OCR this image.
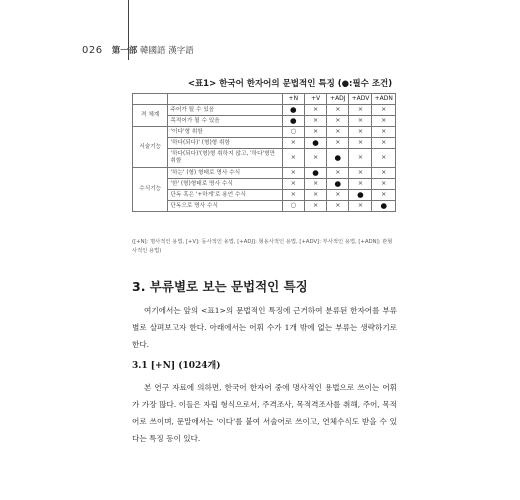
026 第一部 韓國語 漢字語
<표1> 한국어 한자어의 문법적인 특징 (●:필수 조건)
		+N	+V	+ADJ	+ADV	+ADN
격 체계	주어가 될 수 있음	●	×	×	×	×
	목적어가 될 수 있음	●	×	×	×	×
서술기능	'이다'형 취함	○	×	×	×	×
	'하다(되다)' (형)형 취함	×	●	×	×	×
	'하다(되다)'(형)형 취하지 않고, '하다'형만 취함	×	×	●	×	×
수식기능	'하는' (형) 형태로 명사 수식	×	●	×	×	×
	'한' (형)형태로 명사 수식	×	×	●	×	×
	단독 혹은 '+하게'로 용언 수식	×	×	×	●	×
	단독으로 명사 수식	○	×	×	×	●
([+N]: 명사적인 용법, [+V]: 동사적인 용법, [+ADJ]: 형용사적인 용법, [+ADV]: 부사적인 용법, [+ADN]: 관형사적인 용법)
3. 부류별로 보는 문법적인 특징
여기에서는 앞의 <표1>의 문법적인 특징에 근거하여 분류된 한자어를 부류별로 살펴보고자 한다. 아래에서는 어휘 수가 1개 밖에 없는 부류는 생략하기로 한다.
3.1 [+N] (1024개)
본 연구 자료에 의하면, 한국어 한자어 중에 명사적인 용법으로 쓰이는 어휘가 가장 많다. 이들은 자립 형식으로서, 주격조사, 목적격조사를 취해, 주어, 목적어로 쓰이며, 문말에서는 '이다'를 붙여 서술어로 쓰이고, 연체수식도 받을 수 있다는 특징 등이 있다.
